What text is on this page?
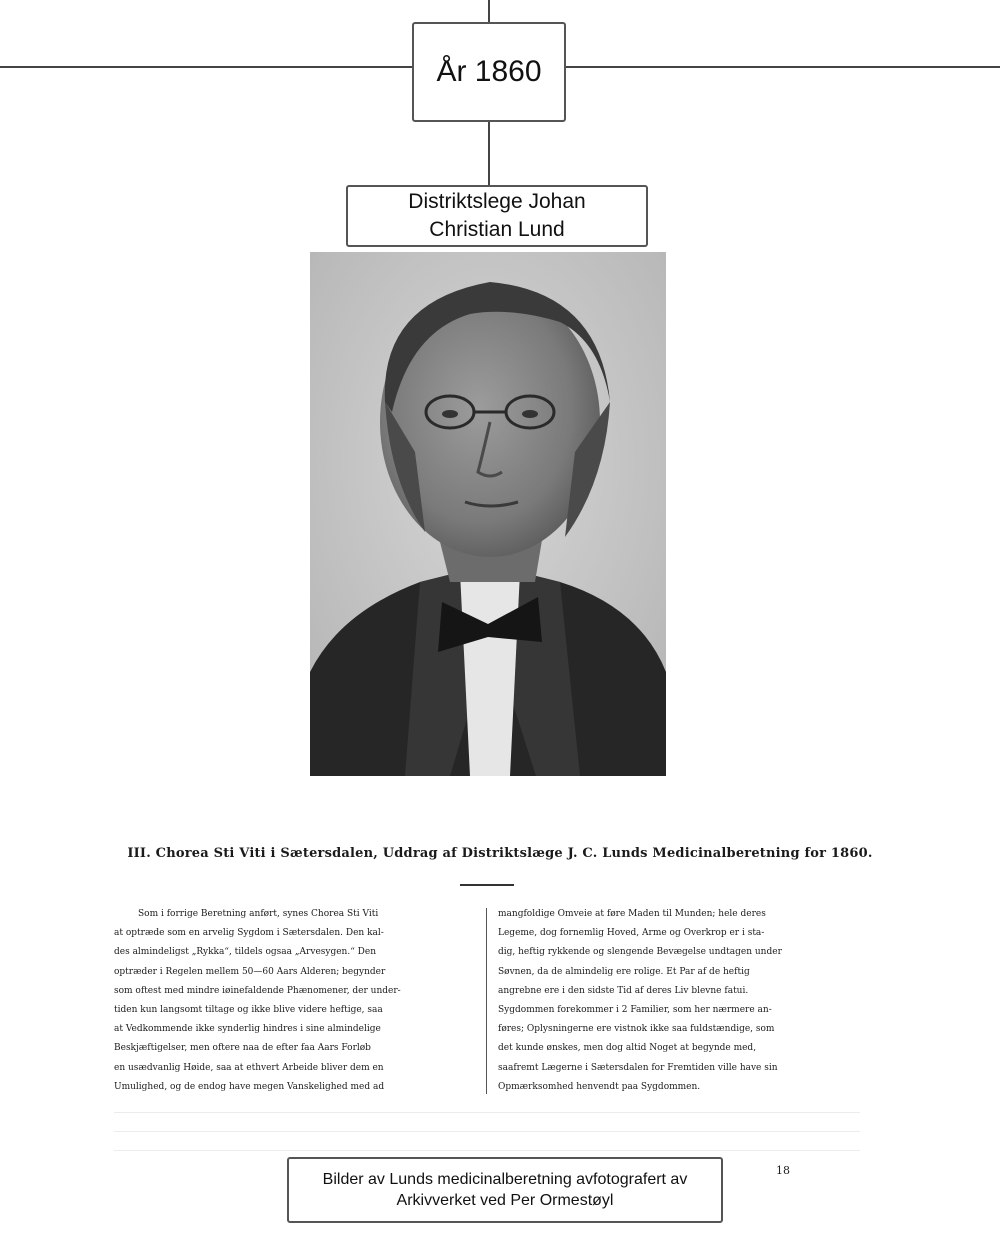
År 1860
Distriktslege Johan
Christian Lund
III. Chorea Sti Viti i Sætersdalen, Uddrag af Distriktslæge J. C. Lunds Medicinalberetning for 1860.

Som i forrige Beretning anført, synes Chorea Sti Viti

at optræde som en arvelig Sygdom i Sætersdalen. Den kal-

des almindeligst „Rykka“, tildels ogsaa „Arvesygen.“ Den

optræder i Regelen mellem 50—60 Aars Alderen; begynder

som oftest med mindre iøinefaldende Phænomener, der under-

tiden kun langsomt tiltage og ikke blive videre heftige, saa

at Vedkommende ikke synderlig hindres i sine almindelige

Beskjæftigelser, men oftere naa de efter faa Aars Forløb

en usædvanlig Høide, saa at ethvert Arbeide bliver dem en

Umulighed, og de endog have megen Vanskelighed med ad

mangfoldige Omveie at føre Maden til Munden; hele deres

Legeme, dog fornemlig Hoved, Arme og Overkrop er i sta-

dig, heftig rykkende og slengende Bevægelse undtagen under

Søvnen, da de almindelig ere rolige. Et Par af de heftig

angrebne ere i den sidste Tid af deres Liv blevne fatui.

Sygdommen forekommer i 2 Familier, som her nærmere an-

føres; Oplysningerne ere vistnok ikke saa fuldstændige, som

det kunde ønskes, men dog altid Noget at begynde med,

saafremt Lægerne i Sætersdalen for Fremtiden ville have sin

Opmærksomhed henvendt paa Sygdommen.

18
Bilder av Lunds medicinalberetning avfotografert av
Arkivverket ved Per Ormestøyl
